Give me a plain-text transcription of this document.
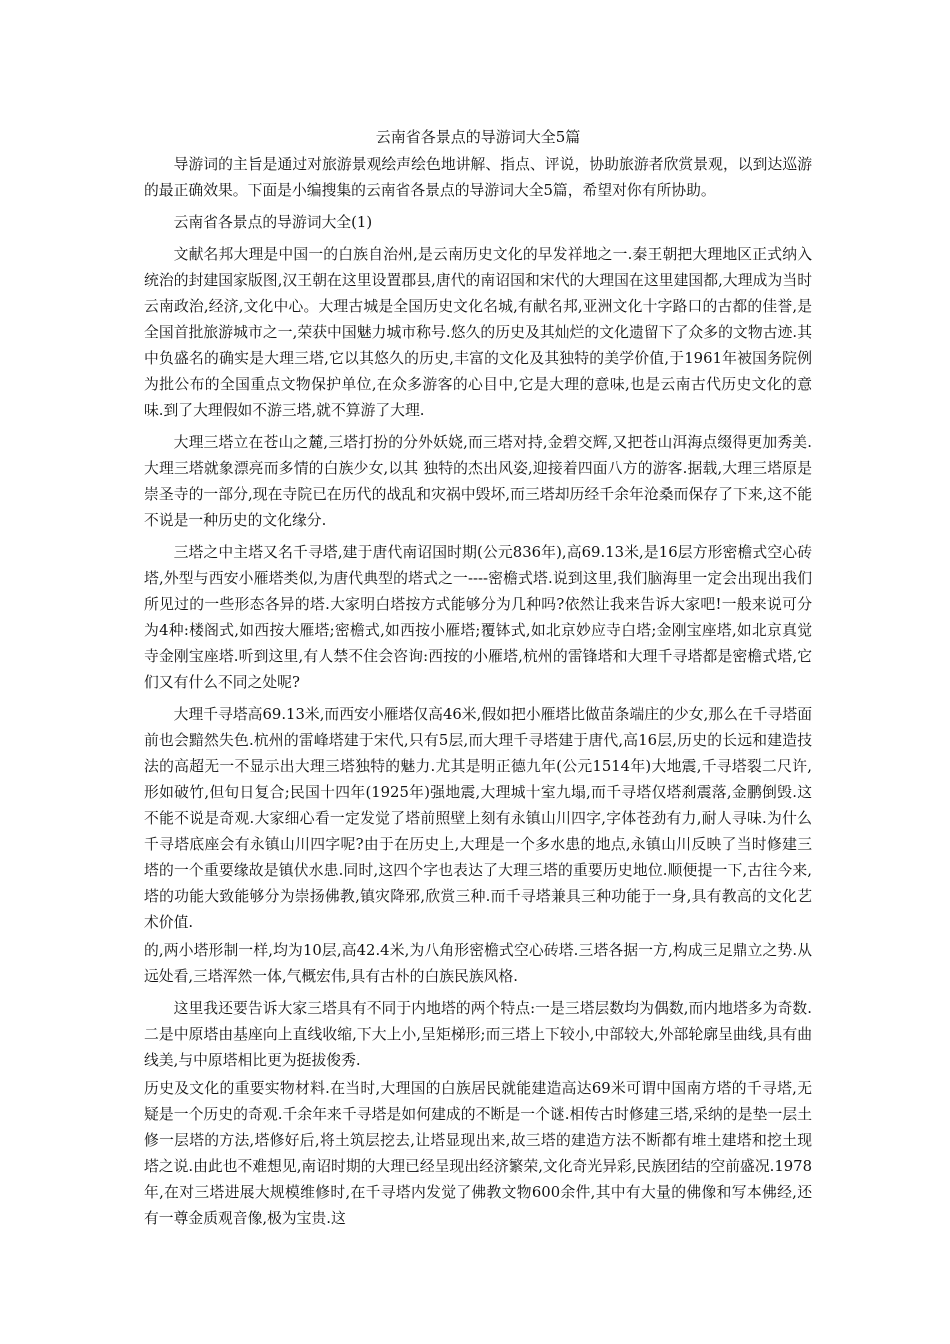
云南省各景点的导游词大全5篇

导游词的主旨是通过对旅游景观绘声绘色地讲解、指点、评说，协助旅游者欣赏景观，以到达巡游的最正确效果。下面是小编搜集的云南省各景点的导游词大全5篇，希望对你有所协助。

云南省各景点的导游词大全(1)

文献名邦大理是中国一的白族自治州,是云南历史文化的早发祥地之一.秦王朝把大理地区正式纳入统治的封建国家版图,汉王朝在这里设置郡县,唐代的南诏国和宋代的大理国在这里建国都,大理成为当时云南政治,经济,文化中心。大理古城是全国历史文化名城,有献名邦,亚洲文化十字路口的古都的佳誉,是全国首批旅游城市之一,荣获中国魅力城市称号.悠久的历史及其灿烂的文化遗留下了众多的文物古迹.其中负盛名的确实是大理三塔,它以其悠久的历史,丰富的文化及其独特的美学价值,于1961年被国务院例为批公布的全国重点文物保护单位,在众多游客的心目中,它是大理的意味,也是云南古代历史文化的意味.到了大理假如不游三塔,就不算游了大理.

大理三塔立在苍山之麓,三塔打扮的分外妖娆,而三塔对持,金碧交辉,又把苍山洱海点缀得更加秀美.大理三塔就象漂亮而多情的白族少女,以其 独特的杰出风姿,迎接着四面八方的游客.据载,大理三塔原是崇圣寺的一部分,现在寺院已在历代的战乱和灾祸中毁坏,而三塔却历经千余年沧桑而保存了下来,这不能不说是一种历史的文化缘分.

三塔之中主塔又名千寻塔,建于唐代南诏国时期(公元836年),高69.13米,是16层方形密檐式空心砖塔,外型与西安小雁塔类似,为唐代典型的塔式之一----密檐式塔.说到这里,我们脑海里一定会出现出我们所见过的一些形态各异的塔.大家明白塔按方式能够分为几种吗?依然让我来告诉大家吧!一般来说可分为4种:楼阁式,如西按大雁塔;密檐式,如西按小雁塔;覆钵式,如北京妙应寺白塔;金刚宝座塔,如北京真觉寺金刚宝座塔.听到这里,有人禁不住会咨询:西按的小雁塔,杭州的雷锋塔和大理千寻塔都是密檐式塔,它们又有什么不同之处呢?

大理千寻塔高69.13米,而西安小雁塔仅高46米,假如把小雁塔比做苗条端庄的少女,那么在千寻塔面前也会黯然失色.杭州的雷峰塔建于宋代,只有5层,而大理千寻塔建于唐代,高16层,历史的长远和建造技法的高超无一不显示出大理三塔独特的魅力.尤其是明正德九年(公元1514年)大地震,千寻塔裂二尺许,形如破竹,但旬日复合;民国十四年(1925年)强地震,大理城十室九塌,而千寻塔仅塔刹震落,金鹏倒毁.这不能不说是奇观.大家细心看一定发觉了塔前照壁上刻有永镇山川四字,字体苍劲有力,耐人寻味.为什么 千寻塔底座会有永镇山川四字呢?由于在历史上,大理是一个多水患的地点,永镇山川反映了当时修建三塔的一个重要缘故是镇伏水患.同时,这四个字也表达了大理三塔的重要历史地位.顺便提一下,古往今来,塔的功能大致能够分为崇扬佛教,镇灾降邪,欣赏三种.而千寻塔兼具三种功能于一身,具有教高的文化艺术价值.

的,两小塔形制一样,均为10层,高42.4米,为八角形密檐式空心砖塔.三塔各据一方,构成三足鼎立之势.从远处看,三塔浑然一体,气概宏伟,具有古朴的白族民族风格.

这里我还要告诉大家三塔具有不同于内地塔的两个特点:一是三塔层数均为偶数,而内地塔多为奇数.二是中原塔由基座向上直线收缩,下大上小,呈矩梯形;而三塔上下较小,中部较大,外部轮廓呈曲线,具有曲线美,与中原塔相比更为挺拔俊秀.

历史及文化的重要实物材料.在当时,大理国的白族居民就能建造高达69米可谓中国南方塔的千寻塔,无疑是一个历史的奇观.千余年来千寻塔是如何建成的不断是一个谜.相传古时修建三塔,采纳的是垫一层土修一层塔的方法,塔修好后,将土筑层挖去,让塔显现出来,故三塔的建造方法不断都有堆土建塔和挖土现塔之说.由此也不难想见,南诏时期的大理已经呈现出经济繁荣,文化奇光异彩,民族团结的空前盛况.1978年,在对三塔进展大规模维修时,在千寻塔内发觉了佛教文物600余件,其中有大量的佛像和写本佛经,还有一尊金质观音像,极为宝贵.这
